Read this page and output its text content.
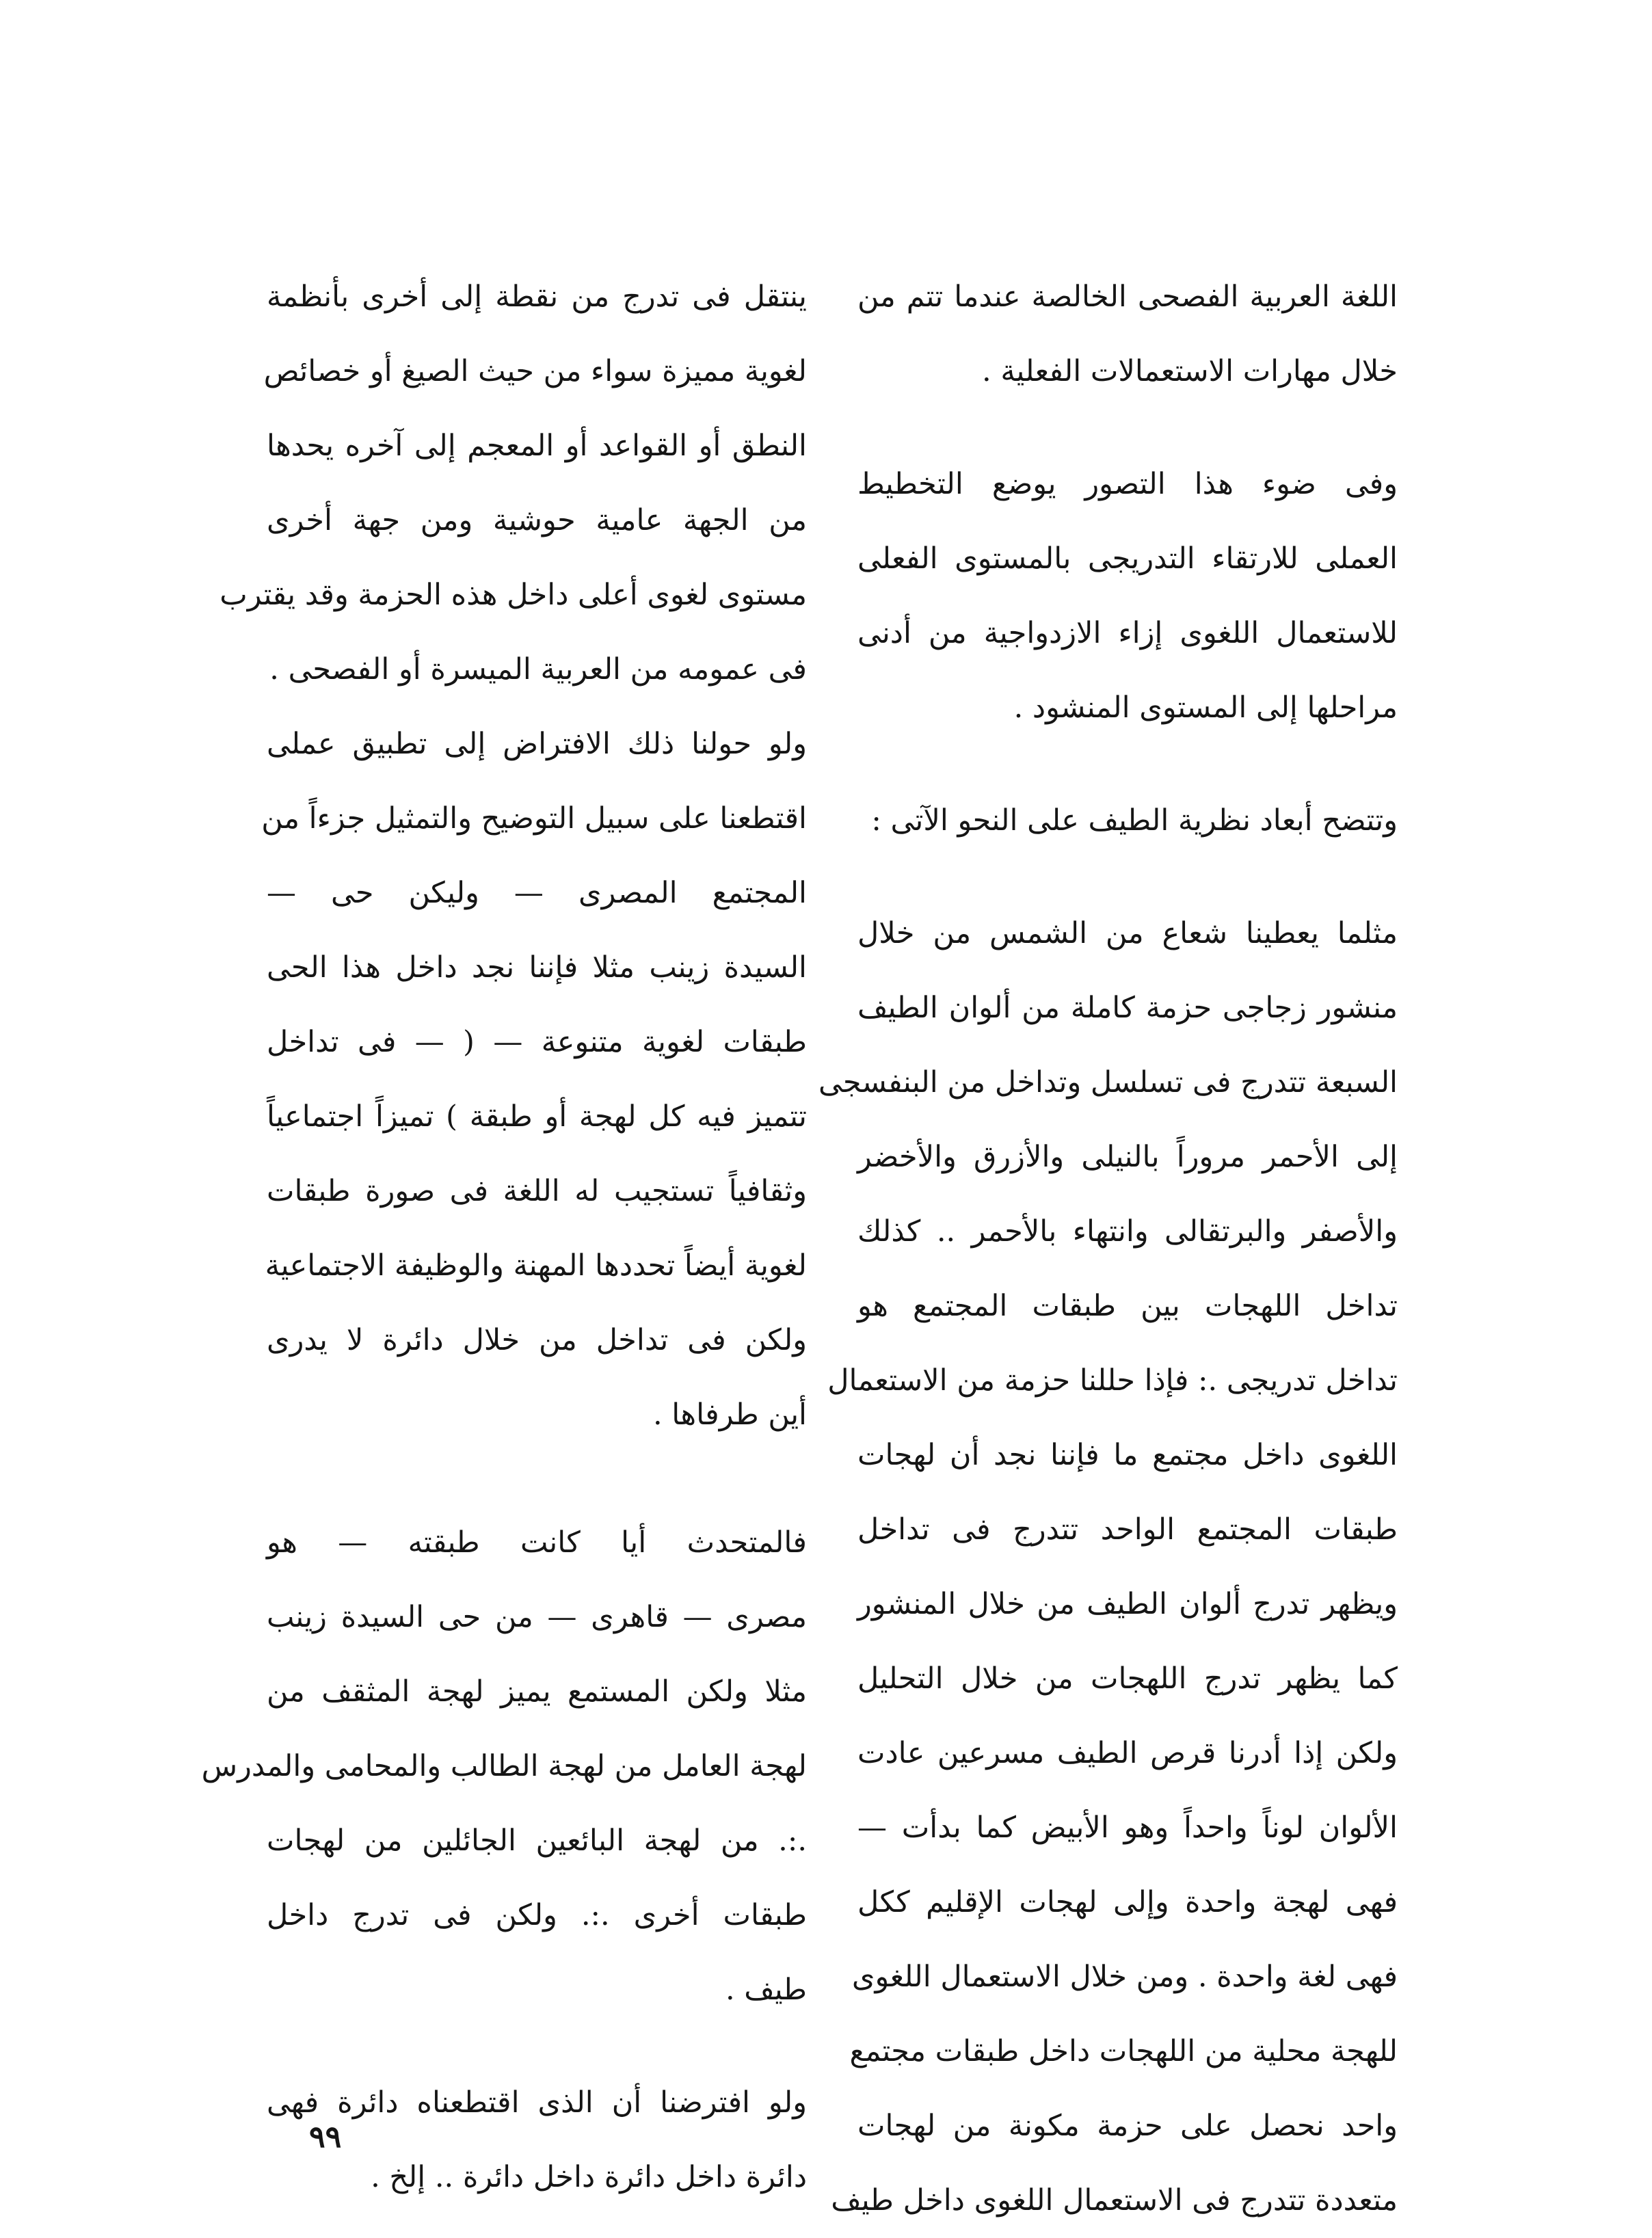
اللغة العربية الفصحى الخالصة عندما تتم من
خلال مهارات الاستعمالات الفعلية .

وفى ضوء هذا التصور يوضع التخطيط
العملى للارتقاء التدريجى بالمستوى الفعلى
للاستعمال اللغوى إزاء الازدواجية من أدنى
مراحلها إلى المستوى المنشود .

وتتضح أبعاد نظرية الطيف على النحو الآتى :

مثلما يعطينا شعاع من الشمس من خلال
منشور زجاجى حزمة كاملة من ألوان الطيف
السبعة تتدرج فى تسلسل وتداخل من البنفسجى
إلى الأحمر مروراً بالنيلى والأزرق والأخضر
والأصفر والبرتقالى وانتهاء بالأحمر .. كذلك
تداخل اللهجات بين طبقات المجتمع هو
تداخل تدريجى .: فإذا حللنا حزمة من الاستعمال
اللغوى داخل مجتمع ما فإننا نجد أن لهجات
طبقات المجتمع الواحد تتدرج فى تداخل
ويظهر تدرج ألوان الطيف من خلال المنشور
كما يظهر تدرج اللهجات من خلال التحليل
ولكن إذا أدرنا قرص الطيف مسرعين عادت
الألوان لوناً واحداً وهو الأبيض كما بدأت —
فهى لهجة واحدة وإلى لهجات الإقليم ككل
فهى لغة واحدة . ومن خلال الاستعمال اللغوى
للهجة محلية من اللهجات داخل طبقات مجتمع
واحد نحصل على حزمة مكونة من لهجات
متعددة تتدرج فى الاستعمال اللغوى داخل طيف

ينتقل فى تدرج من نقطة إلى أخرى بأنظمة
لغوية مميزة سواء من حيث الصيغ أو خصائص
النطق أو القواعد أو المعجم إلى آخره يحدها
من الجهة عامية حوشية ومن جهة أخرى
مستوى لغوى أعلى داخل هذه الحزمة وقد يقترب
فى عمومه من العربية الميسرة أو الفصحى .

ولو حولنا ذلك الافتراض إلى تطبيق عملى
اقتطعنا على سبيل التوضيح والتمثيل جزءاً من
المجتمع المصرى — وليكن حى —
السيدة زينب مثلا فإننا نجد داخل هذا الحى
طبقات لغوية متنوعة — ( — فى تداخل
تتميز فيه كل لهجة أو طبقة ) تميزاً اجتماعياً
وثقافياً تستجيب له اللغة فى صورة طبقات
لغوية أيضاً تحددها المهنة والوظيفة الاجتماعية
ولكن فى تداخل من خلال دائرة لا يدرى
أين طرفاها .

فالمتحدث أيا كانت طبقته — هو
مصرى — قاهرى — من حى السيدة زينب
مثلا ولكن المستمع يميز لهجة المثقف من
لهجة العامل من لهجة الطالب والمحامى والمدرس
.:. من لهجة البائعين الجائلين من لهجات
طبقات أخرى .:. ولكن فى تدرج داخل
طيف .

ولو افترضنا أن الذى اقتطعناه دائرة فهى
دائرة داخل دائرة داخل دائرة .. إلخ .

٩٩
